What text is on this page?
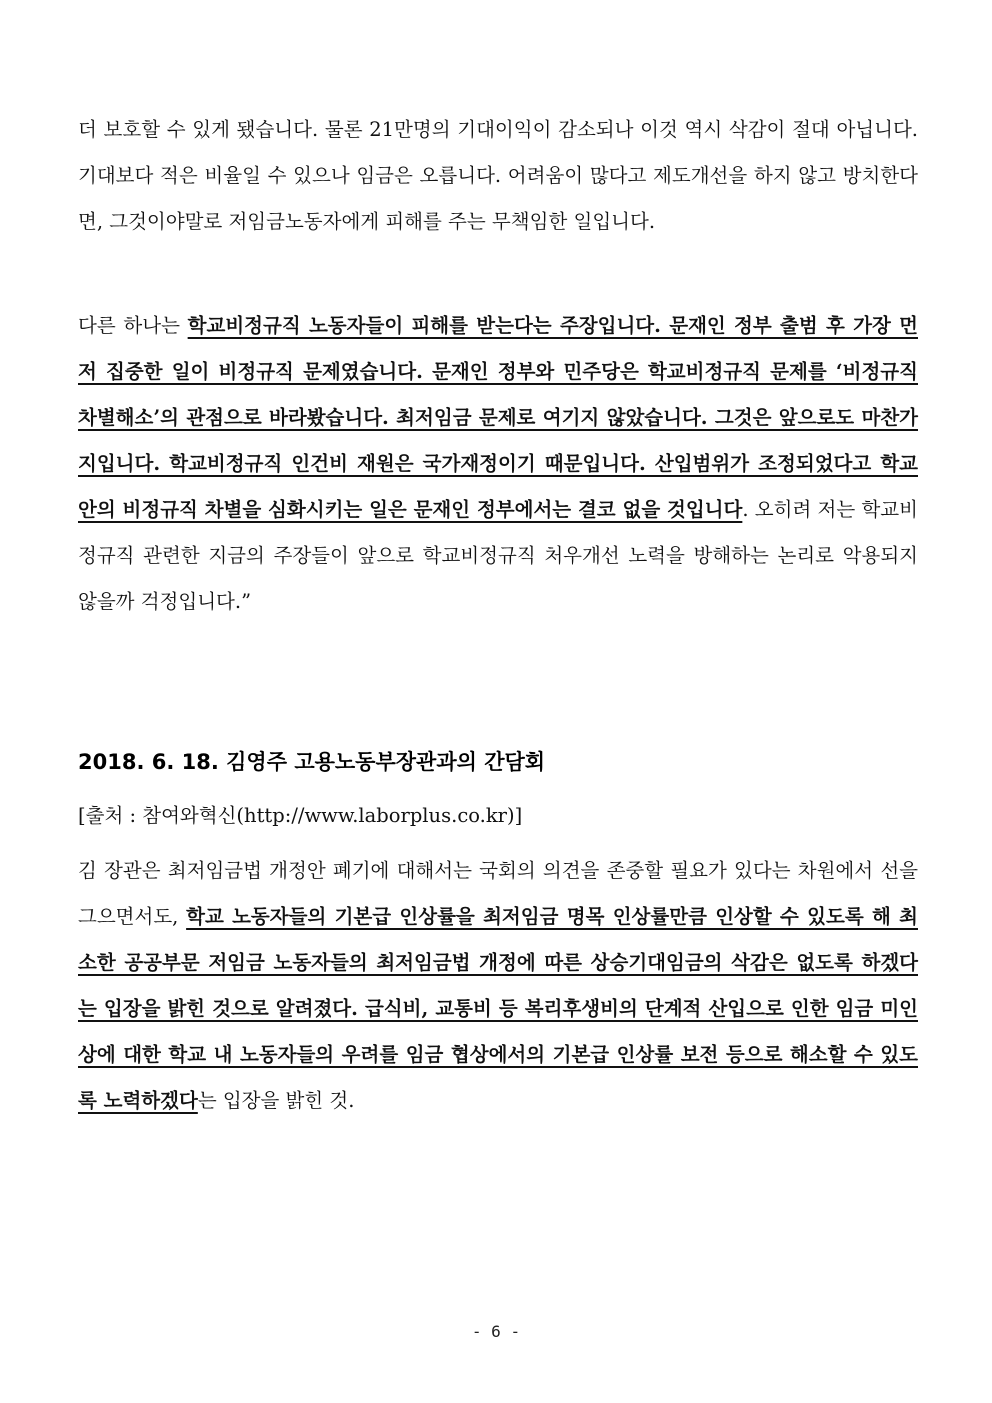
더 보호할 수 있게 됐습니다. 물론 21만명의 기대이익이 감소되나 이것 역시 삭감이 절대 아닙니다. 기대보다 적은 비율일 수 있으나 임금은 오릅니다. 어려움이 많다고 제도개선을 하지 않고 방치한다면, 그것이야말로 저임금노동자에게 피해를 주는 무책임한 일입니다.

다른 하나는 학교비정규직 노동자들이 피해를 받는다는 주장입니다. 문재인 정부 출범 후 가장 먼저 집중한 일이 비정규직 문제였습니다. 문재인 정부와 민주당은 학교비정규직 문제를 ‘비정규직 차별해소’의 관점으로 바라봤습니다. 최저임금 문제로 여기지 않았습니다. 그것은 앞으로도 마찬가지입니다. 학교비정규직 인건비 재원은 국가재정이기 때문입니다. 산입범위가 조정되었다고 학교 안의 비정규직 차별을 심화시키는 일은 문재인 정부에서는 결코 없을 것입니다. 오히려 저는 학교비정규직 관련한 지금의 주장들이 앞으로 학교비정규직 처우개선 노력을 방해하는 논리로 악용되지 않을까 걱정입니다.”

2018. 6. 18. 김영주 고용노동부장관과의 간담회

[출처 : 참여와혁신(http://www.laborplus.co.kr)]

김 장관은 최저임금법 개정안 폐기에 대해서는 국회의 의견을 존중할 필요가 있다는 차원에서 선을 그으면서도, 학교 노동자들의 기본급 인상률을 최저임금 명목 인상률만큼 인상할 수 있도록 해 최소한 공공부문 저임금 노동자들의 최저임금법 개정에 따른 상승기대임금의 삭감은 없도록 하겠다는 입장을 밝힌 것으로 알려졌다. 급식비, 교통비 등 복리후생비의 단계적 산입으로 인한 임금 미인상에 대한 학교 내 노동자들의 우려를 임금 협상에서의 기본급 인상률 보전 등으로 해소할 수 있도록 노력하겠다는 입장을 밝힌 것.

- 6 -
